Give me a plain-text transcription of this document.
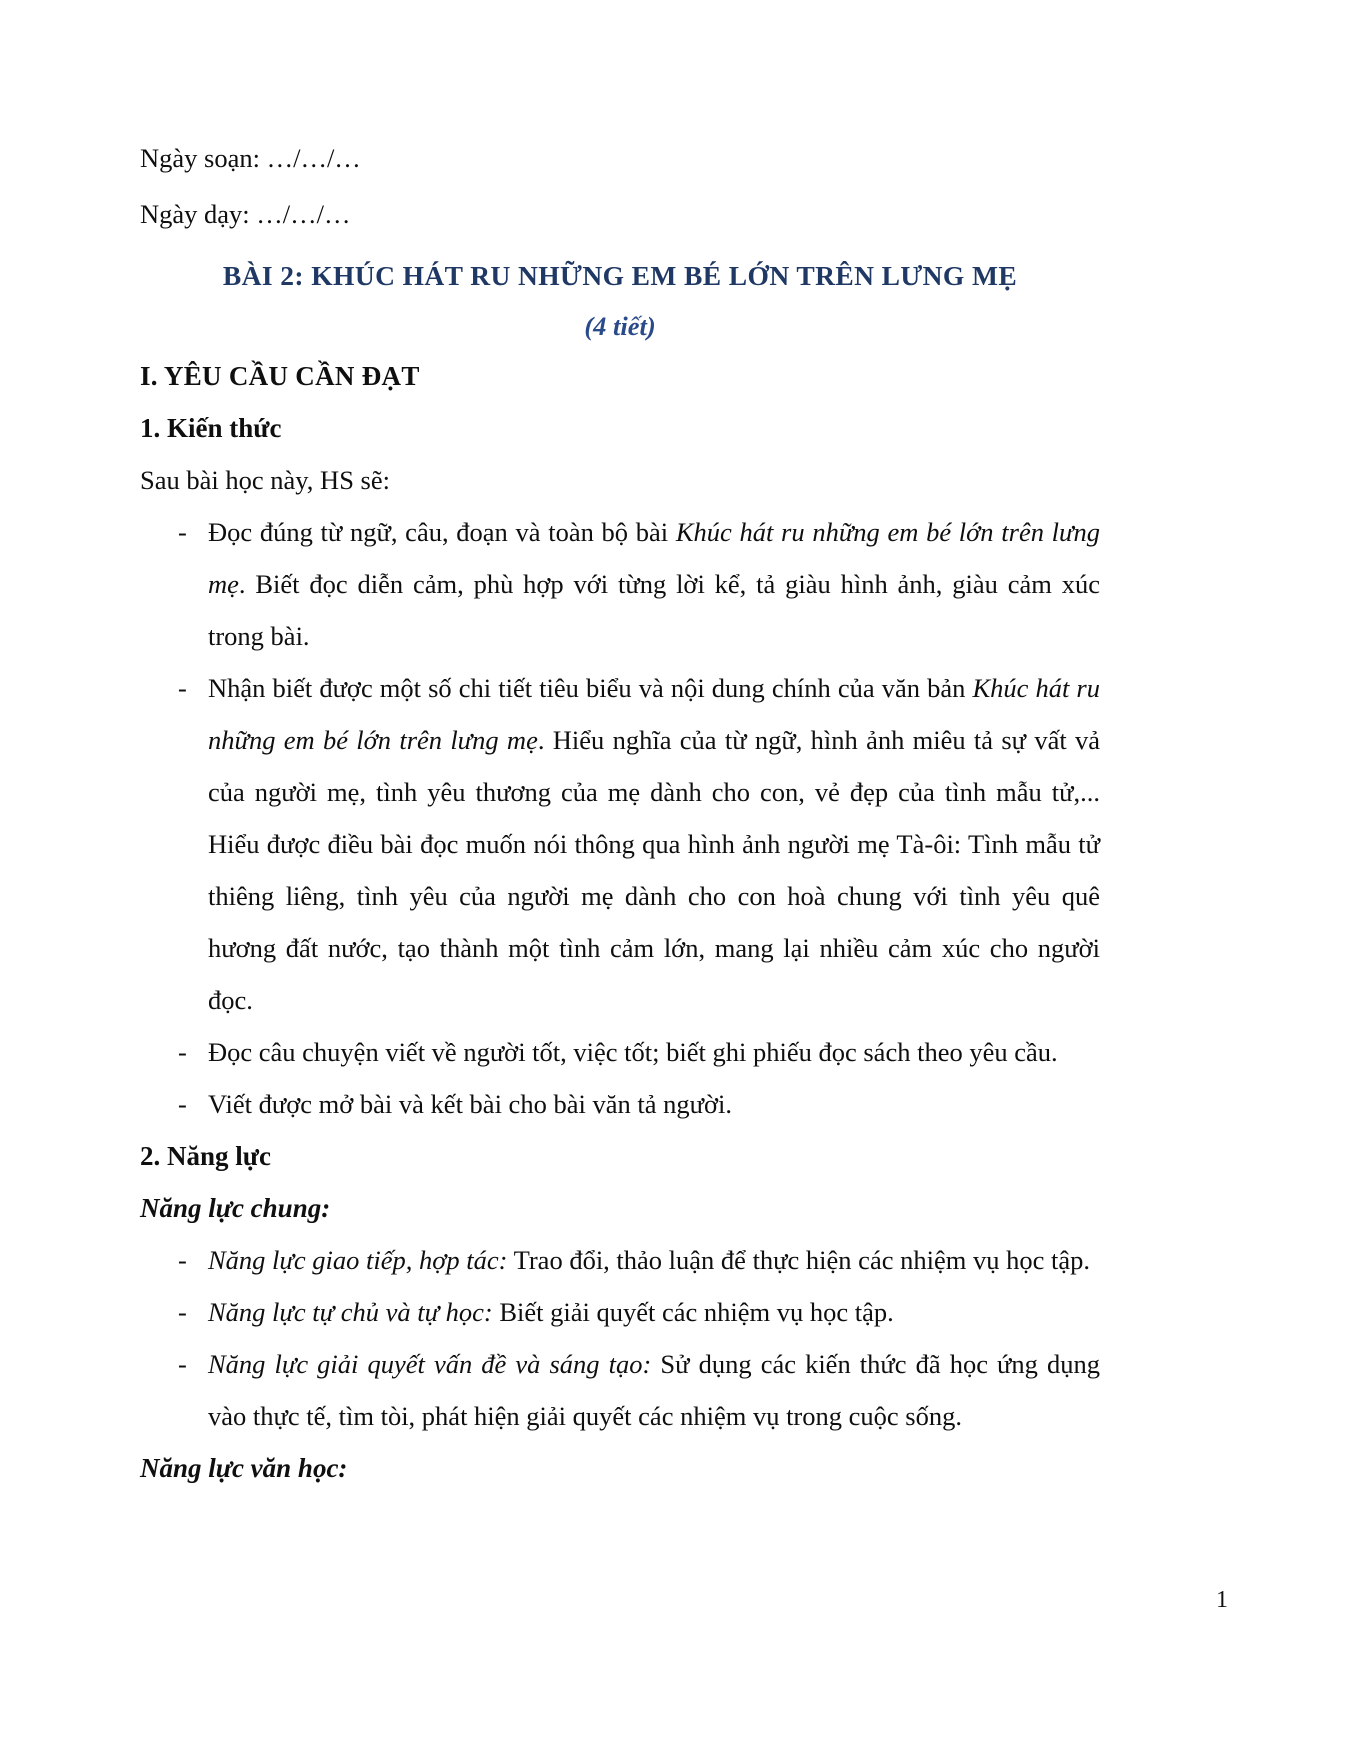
Ngày soạn: …/…/…
Ngày dạy: …/…/…
BÀI 2: KHÚC HÁT RU NHỮNG EM BÉ LỚN TRÊN LƯNG MẸ
(4 tiết)
I. YÊU CẦU CẦN ĐẠT
1. Kiến thức
Sau bài học này, HS sẽ:
- Đọc đúng từ ngữ, câu, đoạn và toàn bộ bài Khúc hát ru những em bé lớn trên lưng mẹ. Biết đọc diễn cảm, phù hợp với từng lời kể, tả giàu hình ảnh, giàu cảm xúc trong bài.
- Nhận biết được một số chi tiết tiêu biểu và nội dung chính của văn bản Khúc hát ru những em bé lớn trên lưng mẹ. Hiểu nghĩa của từ ngữ, hình ảnh miêu tả sự vất vả của người mẹ, tình yêu thương của mẹ dành cho con, vẻ đẹp của tình mẫu tử,... Hiểu được điều bài đọc muốn nói thông qua hình ảnh người mẹ Tà-ôi: Tình mẫu tử thiêng liêng, tình yêu của người mẹ dành cho con hoà chung với tình yêu quê hương đất nước, tạo thành một tình cảm lớn, mang lại nhiều cảm xúc cho người đọc.
- Đọc câu chuyện viết về người tốt, việc tốt; biết ghi phiếu đọc sách theo yêu cầu.
- Viết được mở bài và kết bài cho bài văn tả người.
2. Năng lực
Năng lực chung:
- Năng lực giao tiếp, hợp tác: Trao đổi, thảo luận để thực hiện các nhiệm vụ học tập.
- Năng lực tự chủ và tự học: Biết giải quyết các nhiệm vụ học tập.
- Năng lực giải quyết vấn đề và sáng tạo: Sử dụng các kiến thức đã học ứng dụng vào thực tế, tìm tòi, phát hiện giải quyết các nhiệm vụ trong cuộc sống.
Năng lực văn học:
1
